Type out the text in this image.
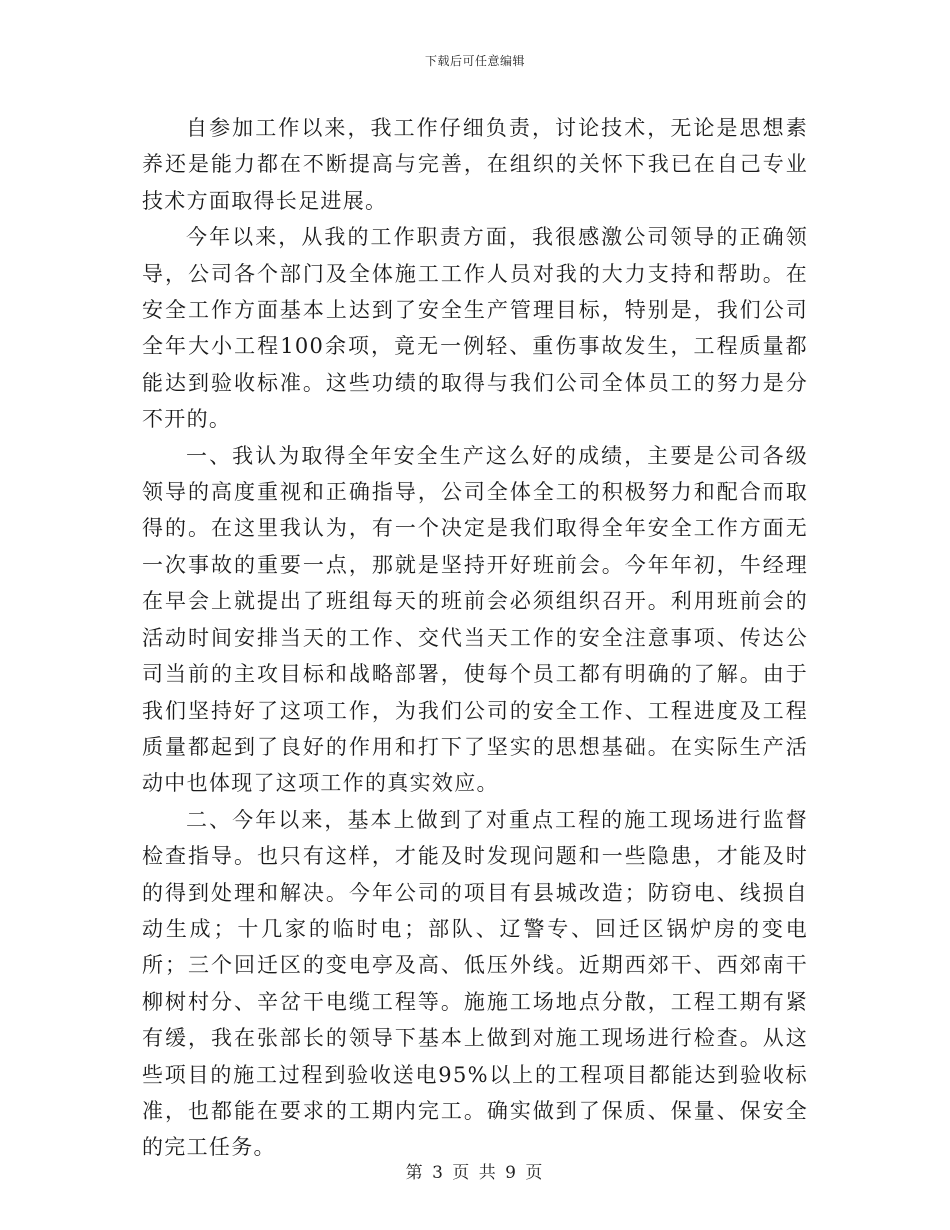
下载后可任意编辑

自参加工作以来，我工作仔细负责，讨论技术，无论是思想素养还是能力都在不断提高与完善，在组织的关怀下我已在自己专业技术方面取得长足进展。

今年以来，从我的工作职责方面，我很感激公司领导的正确领导，公司各个部门及全体施工工作人员对我的大力支持和帮助。在安全工作方面基本上达到了安全生产管理目标，特别是，我们公司全年大小工程100余项，竟无一例轻、重伤事故发生，工程质量都能达到验收标准。这些功绩的取得与我们公司全体员工的努力是分不开的。

一、我认为取得全年安全生产这么好的成绩，主要是公司各级领导的高度重视和正确指导，公司全体全工的积极努力和配合而取得的。在这里我认为，有一个决定是我们取得全年安全工作方面无一次事故的重要一点，那就是坚持开好班前会。今年年初，牛经理在早会上就提出了班组每天的班前会必须组织召开。利用班前会的活动时间安排当天的工作、交代当天工作的安全注意事项、传达公司当前的主攻目标和战略部署，使每个员工都有明确的了解。由于我们坚持好了这项工作，为我们公司的安全工作、工程进度及工程质量都起到了良好的作用和打下了坚实的思想基础。在实际生产活动中也体现了这项工作的真实效应。

二、今年以来，基本上做到了对重点工程的施工现场进行监督检查指导。也只有这样，才能及时发现问题和一些隐患，才能及时的得到处理和解决。今年公司的项目有县城改造；防窃电、线损自动生成；十几家的临时电；部队、辽警专、回迁区锅炉房的变电所；三个回迁区的变电亭及高、低压外线。近期西郊干、西郊南干柳树村分、辛岔干电缆工程等。施施工场地点分散，工程工期有紧有缓，我在张部长的领导下基本上做到对施工现场进行检查。从这些项目的施工过程到验收送电95%以上的工程项目都能达到验收标准，也都能在要求的工期内完工。确实做到了保质、保量、保安全的完工任务。

第 3 页 共 9 页
